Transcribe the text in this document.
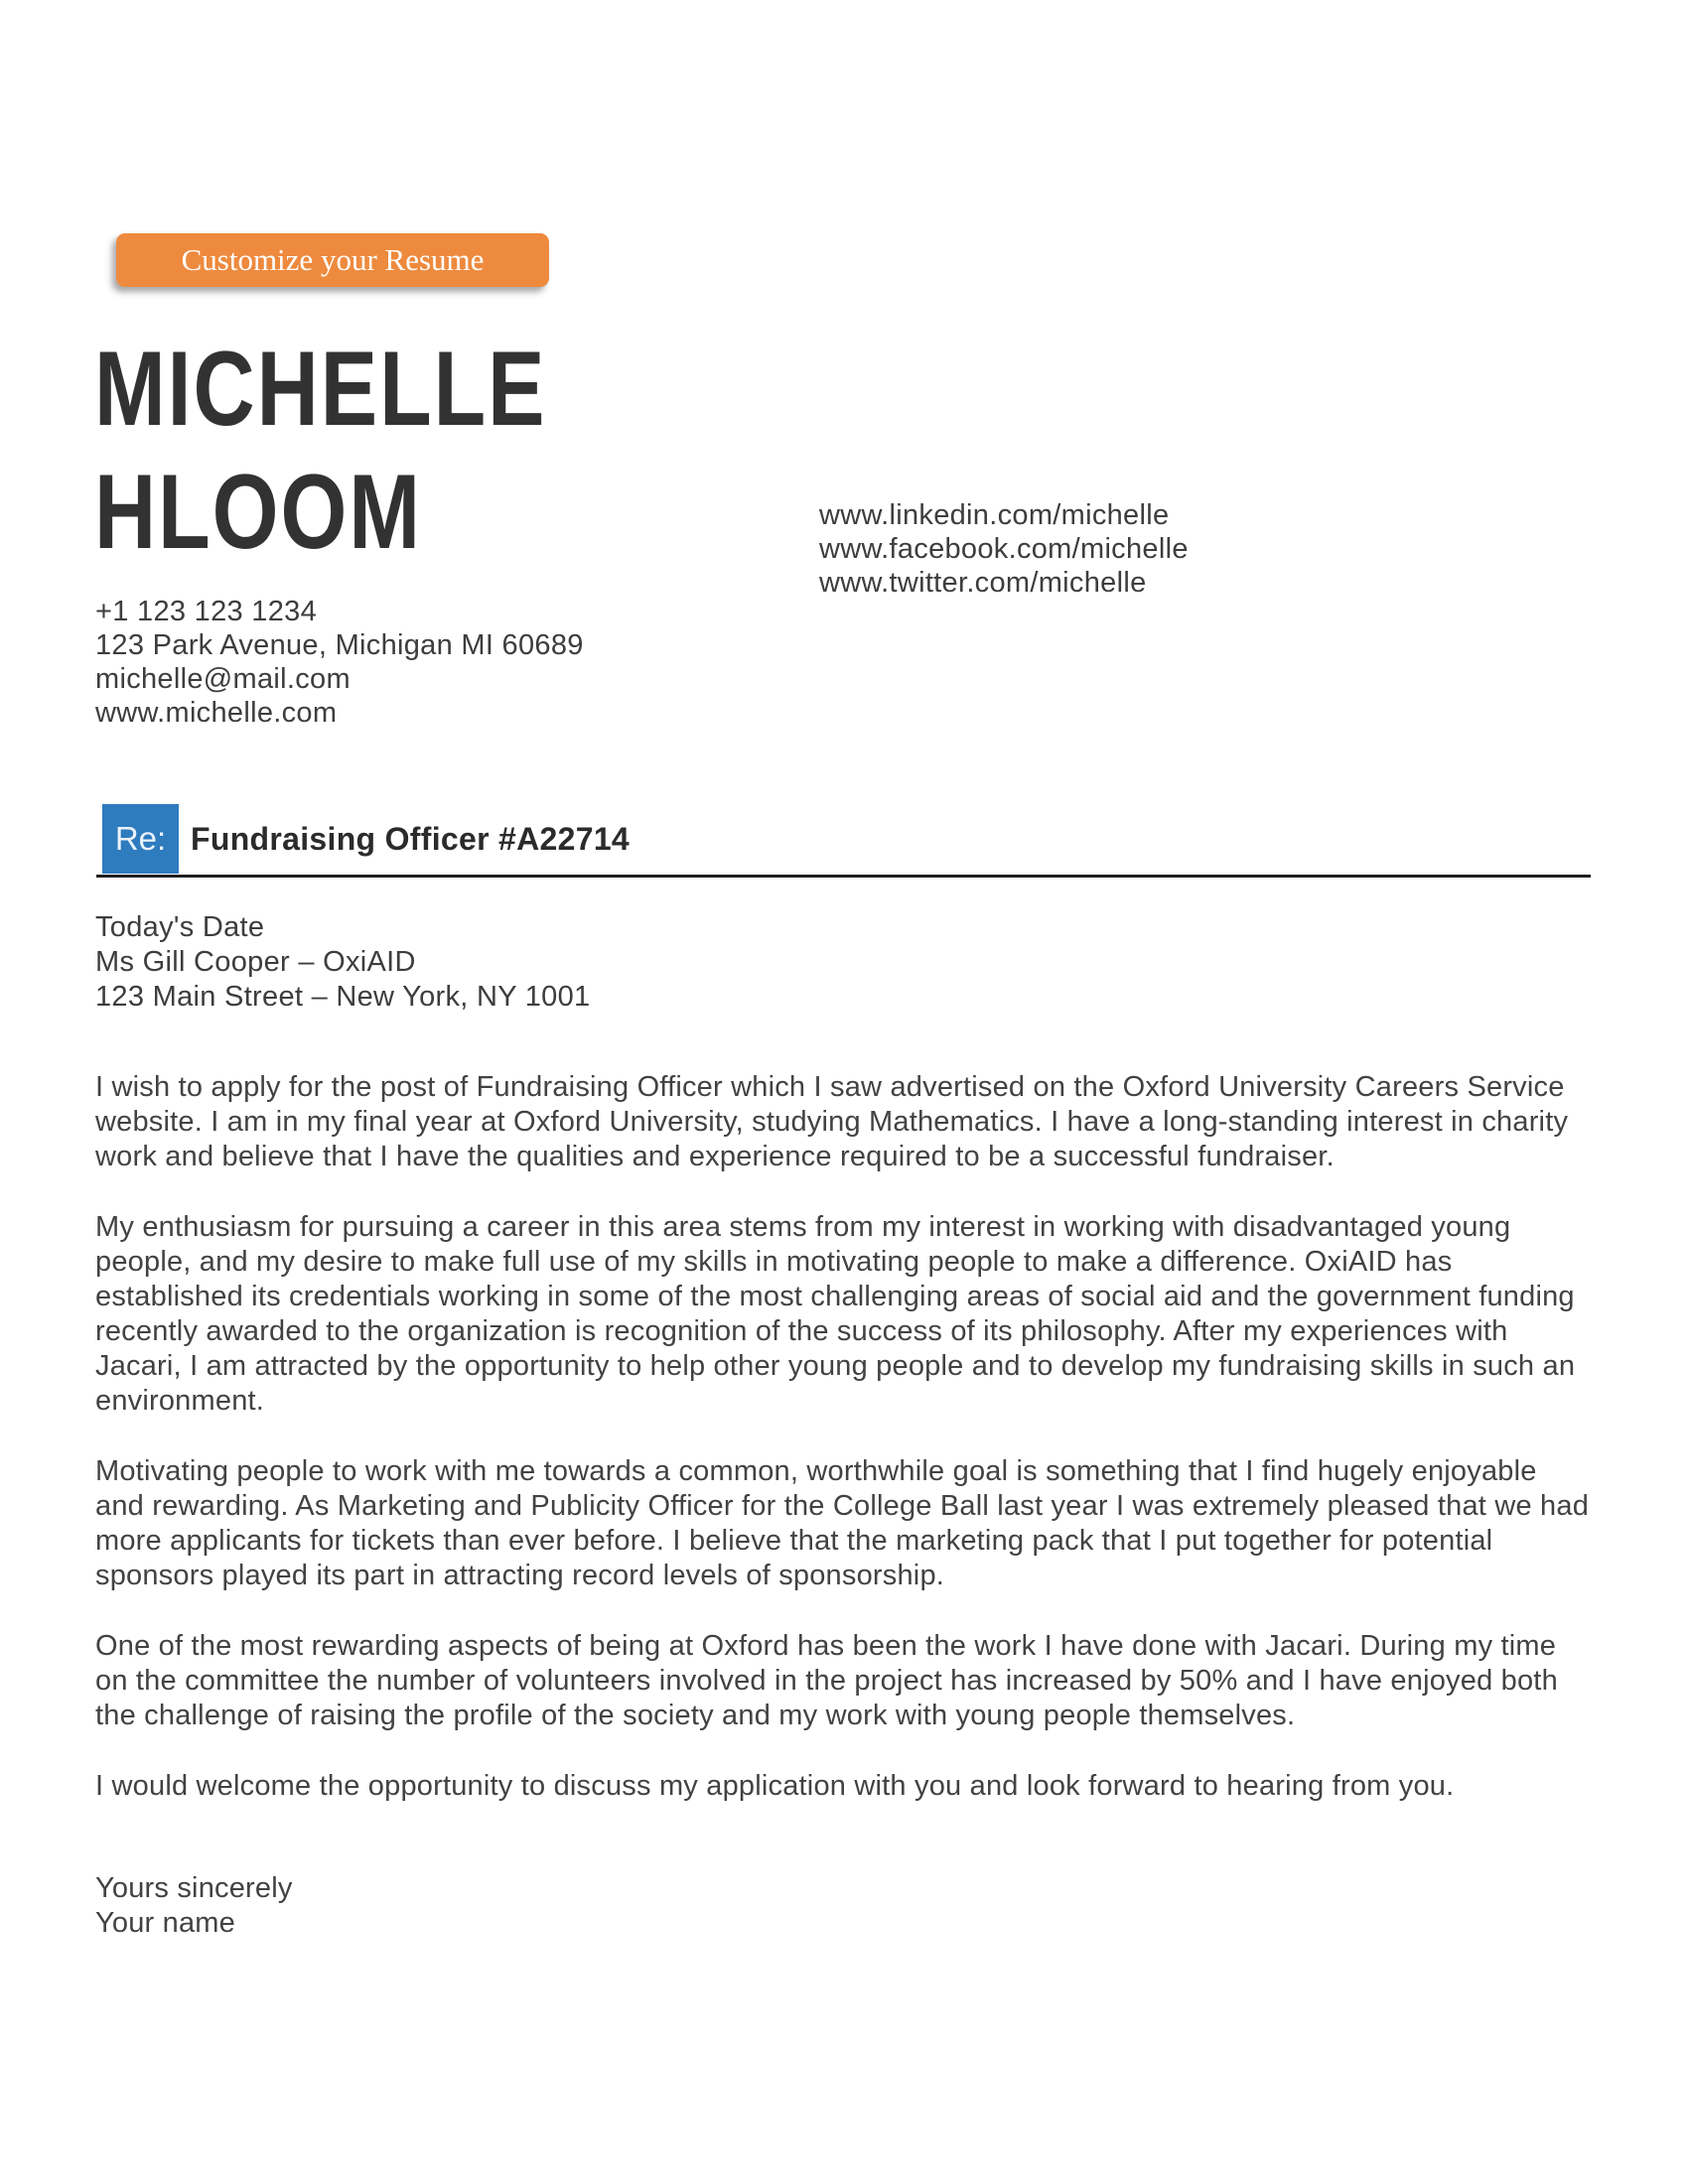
Customize your Resume
MICHELLE
HLOOM	www.linkedin.com/michelle
www.facebook.com/michelle
www.twitter.com/michelle
+1 123 123 1234
123 Park Avenue, Michigan MI 60689
michelle@mail.com
www.michelle.com
Re: Fundraising Officer #A22714
Today's Date
Ms Gill Cooper – OxiAID
123 Main Street – New York, NY 1001

I wish to apply for the post of Fundraising Officer which I saw advertised on the Oxford University Careers Service website. I am in my final year at Oxford University, studying Mathematics. I have a long-standing interest in charity work and believe that I have the qualities and experience required to be a successful fundraiser.

My enthusiasm for pursuing a career in this area stems from my interest in working with disadvantaged young people, and my desire to make full use of my skills in motivating people to make a difference. OxiAID has established its credentials working in some of the most challenging areas of social aid and the government funding recently awarded to the organization is recognition of the success of its philosophy. After my experiences with Jacari, I am attracted by the opportunity to help other young people and to develop my fundraising skills in such an environment.

Motivating people to work with me towards a common, worthwhile goal is something that I find hugely enjoyable and rewarding. As Marketing and Publicity Officer for the College Ball last year I was extremely pleased that we had more applicants for tickets than ever before. I believe that the marketing pack that I put together for potential sponsors played its part in attracting record levels of sponsorship.

One of the most rewarding aspects of being at Oxford has been the work I have done with Jacari. During my time on the committee the number of volunteers involved in the project has increased by 50% and I have enjoyed both the challenge of raising the profile of the society and my work with young people themselves.

I would welcome the opportunity to discuss my application with you and look forward to hearing from you.

Yours sincerely

Your name
